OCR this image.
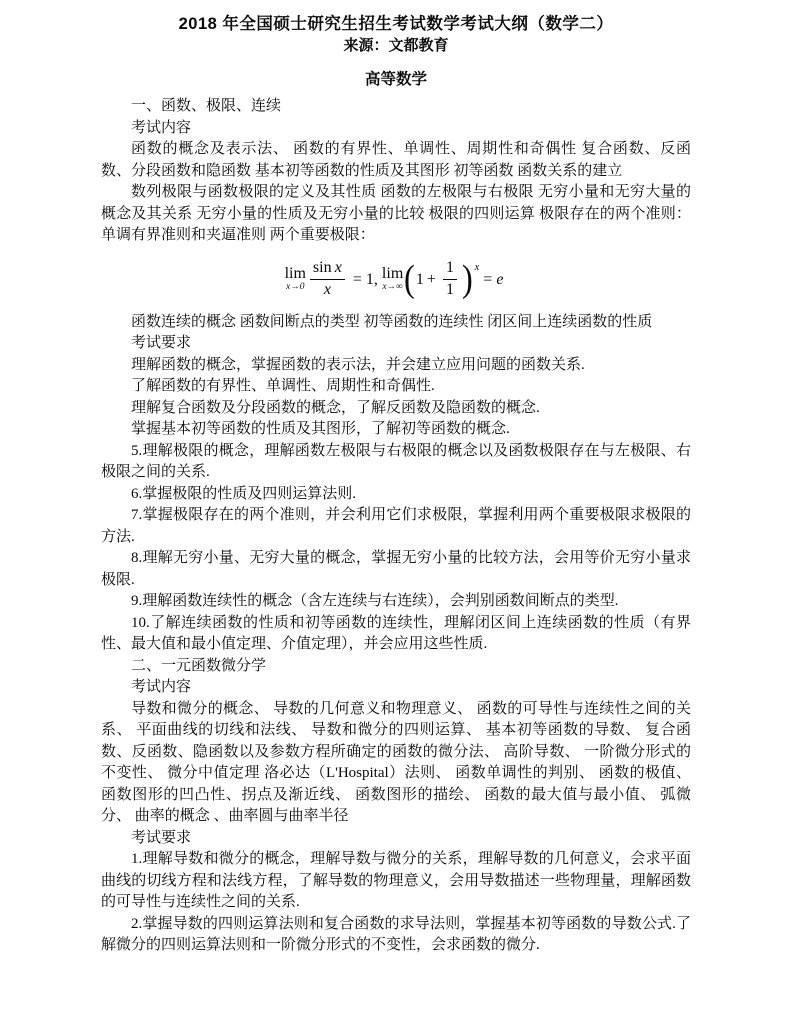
2018 年全国硕士研究生招生考试数学考试大纲（数学二）
来源：文都教育
高等数学

一、函数、极限、连续

考试内容

函数的概念及表示法、 函数的有界性、单调性、周期性和奇偶性 复合函数、反函数、分段函数和隐函数 基本初等函数的性质及其图形 初等函数 函数关系的建立

数列极限与函数极限的定义及其性质 函数的左极限与右极限 无穷小量和无穷大量的概念及其关系 无穷小量的性质及无穷小量的比较 极限的四则运算 极限存在的两个准则：单调有界准则和夹逼准则 两个重要极限：

lim
$x\to 0 \frac{\text{sin  x}}{x} = 1$, lim
x→∞ ( $1 + \frac{1}{1}$ ) x
= e

函数连续的概念 函数间断点的类型 初等函数的连续性 闭区间上连续函数的性质

考试要求

理解函数的概念，掌握函数的表示法，并会建立应用问题的函数关系.

了解函数的有界性、单调性、周期性和奇偶性.

理解复合函数及分段函数的概念，了解反函数及隐函数的概念.

掌握基本初等函数的性质及其图形，了解初等函数的概念.

5.理解极限的概念，理解函数左极限与右极限的概念以及函数极限存在与左极限、右极限之间的关系.

6.掌握极限的性质及四则运算法则.

7.掌握极限存在的两个准则，并会利用它们求极限，掌握利用两个重要极限求极限的方法.

8.理解无穷小量、无穷大量的概念，掌握无穷小量的比较方法，会用等价无穷小量求极限.

9.理解函数连续性的概念（含左连续与右连续），会判别函数间断点的类型.

10.了解连续函数的性质和初等函数的连续性，理解闭区间上连续函数的性质（有界性、最大值和最小值定理、介值定理），并会应用这些性质.

二、一元函数微分学

考试内容

导数和微分的概念、 导数的几何意义和物理意义、 函数的可导性与连续性之间的关系、 平面曲线的切线和法线、 导数和微分的四则运算、 基本初等函数的导数、 复合函数、反函数、隐函数以及参数方程所确定的函数的微分法、 高阶导数、 一阶微分形式的不变性、 微分中值定理 洛必达（L'Hospital）法则、 函数单调性的判别、 函数的极值、 函数图形的凹凸性、拐点及渐近线、 函数图形的描绘、 函数的最大值与最小值、 弧微分、 曲率的概念 、曲率圆与曲率半径

考试要求

1.理解导数和微分的概念，理解导数与微分的关系，理解导数的几何意义，会求平面曲线的切线方程和法线方程，了解导数的物理意义，会用导数描述一些物理量，理解函数的可导性与连续性之间的关系.

2.掌握导数的四则运算法则和复合函数的求导法则，掌握基本初等函数的导数公式.了解微分的四则运算法则和一阶微分形式的不变性，会求函数的微分.
